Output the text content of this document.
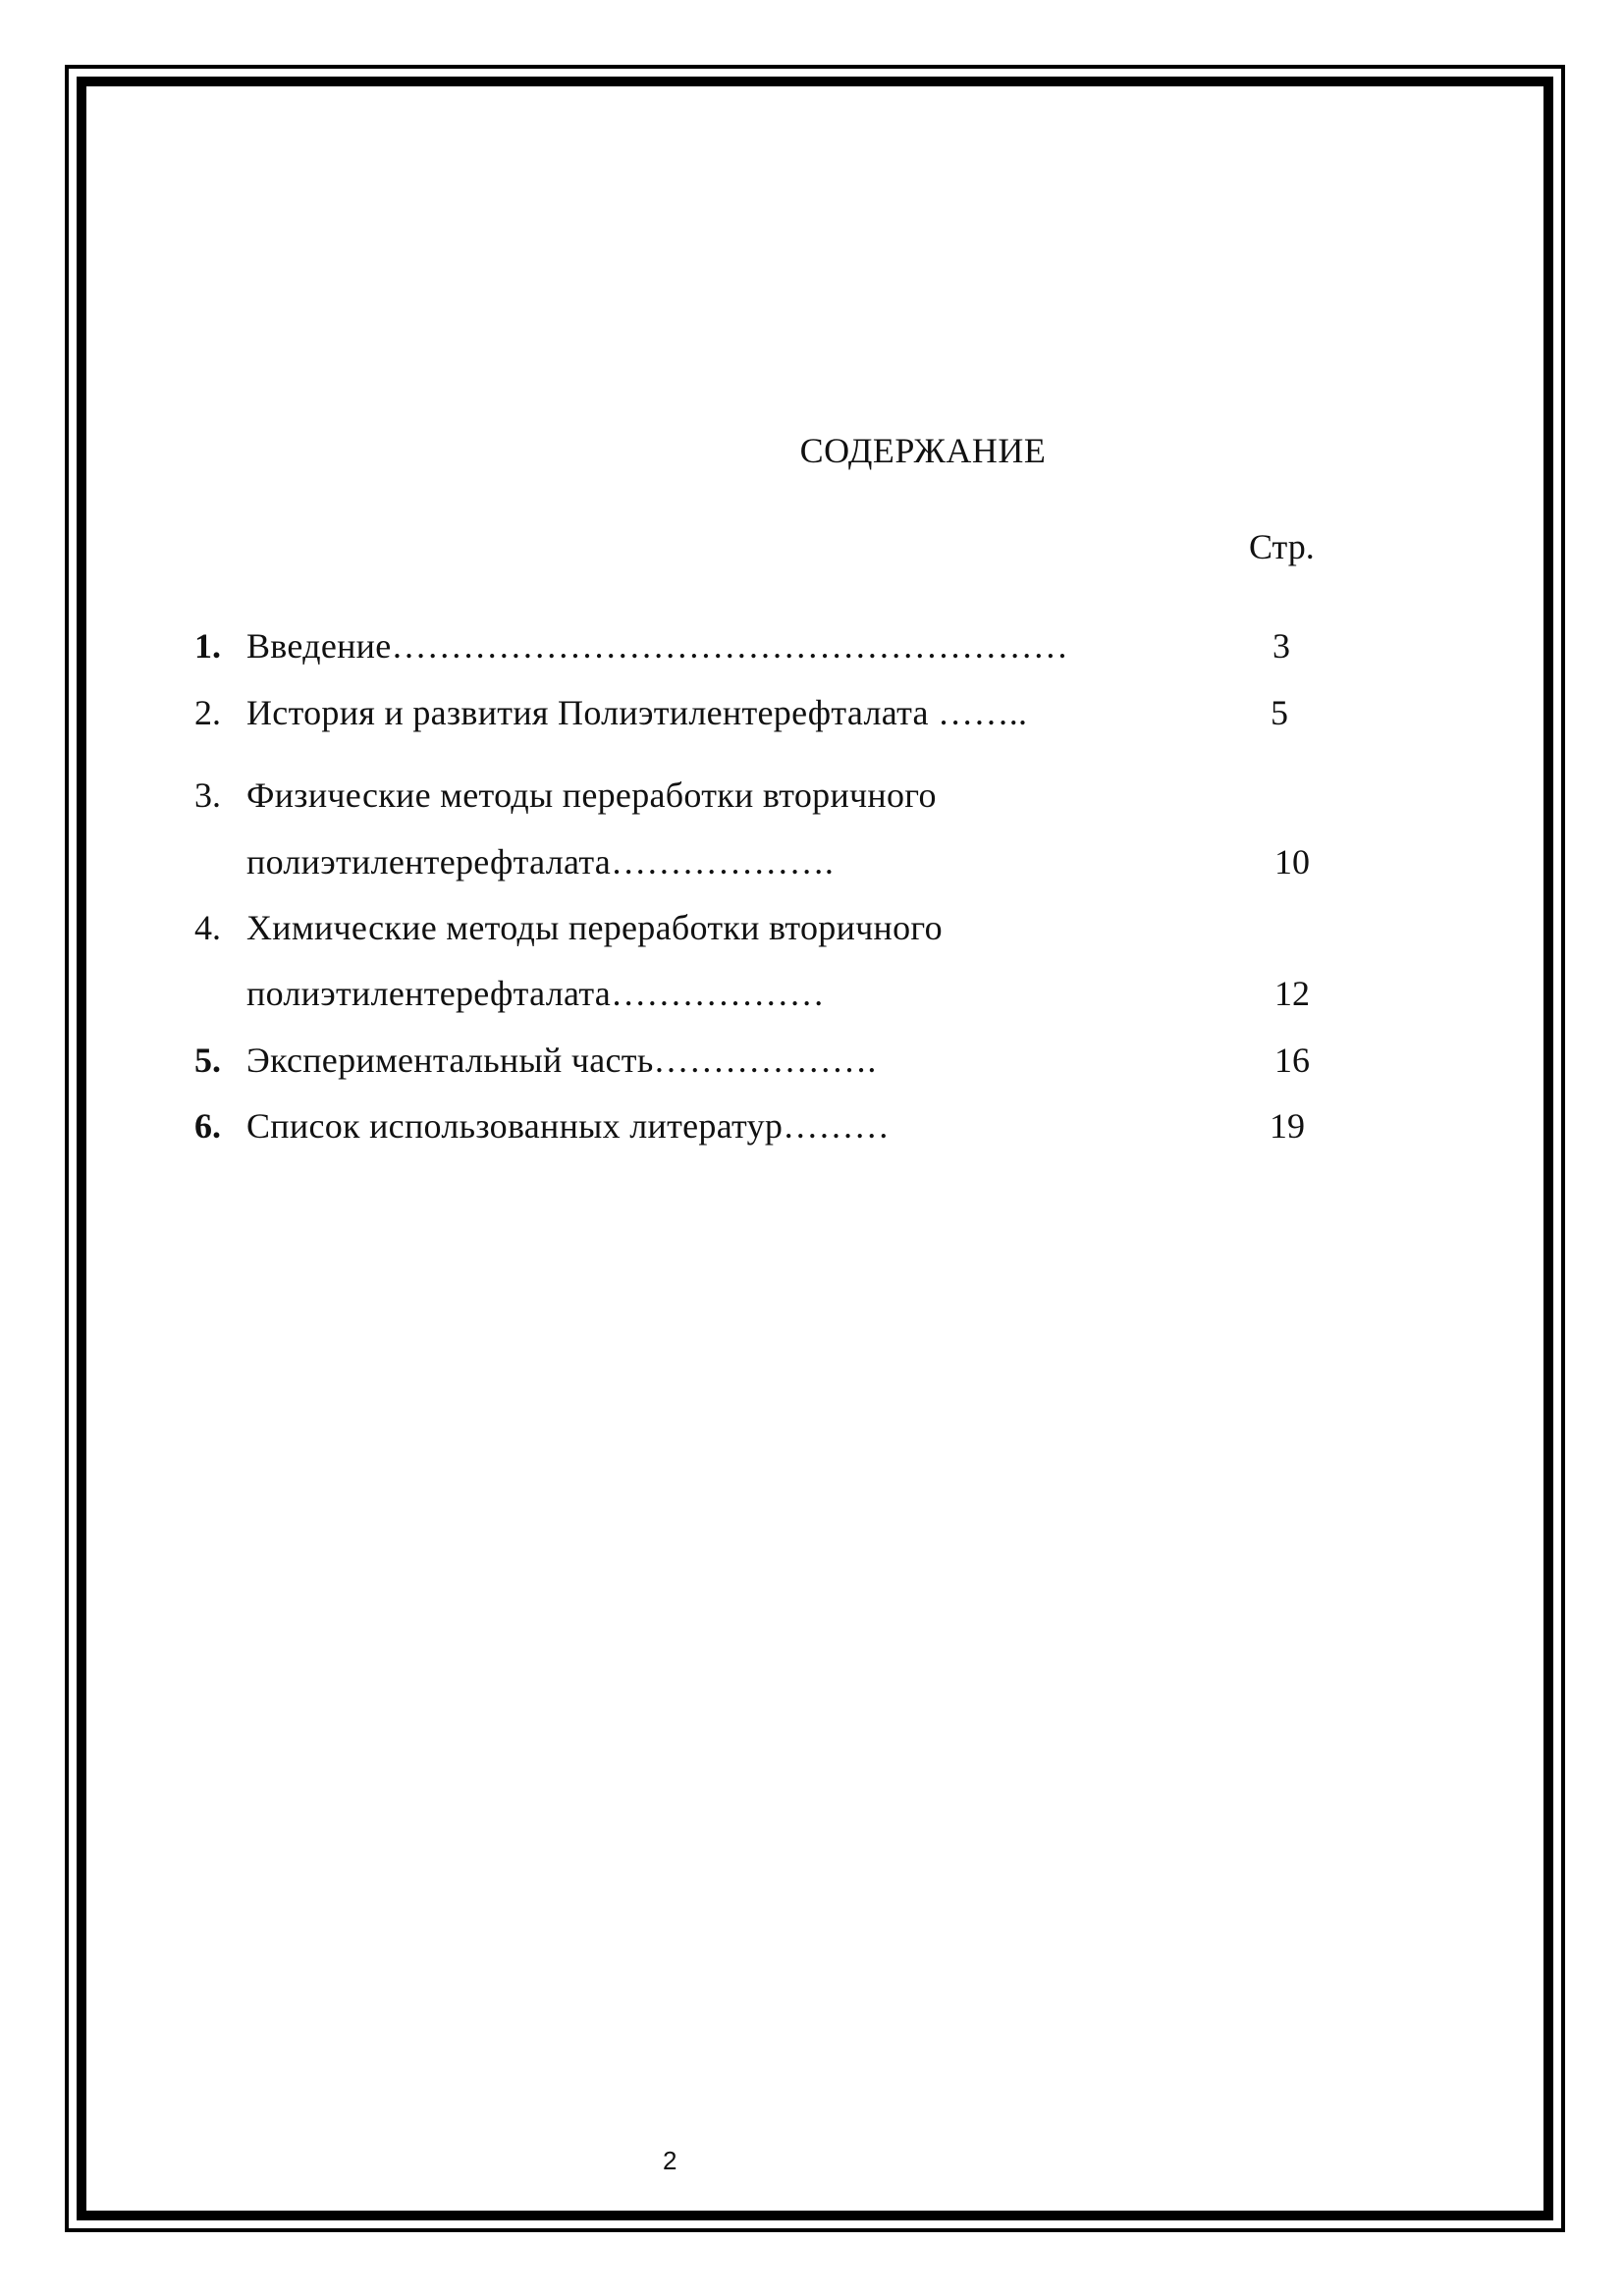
СОДЕРЖАНИЕ
Стр.
1. Введение…………………………………………………	3
2. История и развития Полиэтилентерефталата ……..	5
3. Физические методы переработки вторичного
полиэтилентерефталата……………….	10
4. Химические методы переработки вторичного
полиэтилентерефталата………………	12
5. Экспериментальный часть……………….	16
6. Список использованных литератур………	19
2
